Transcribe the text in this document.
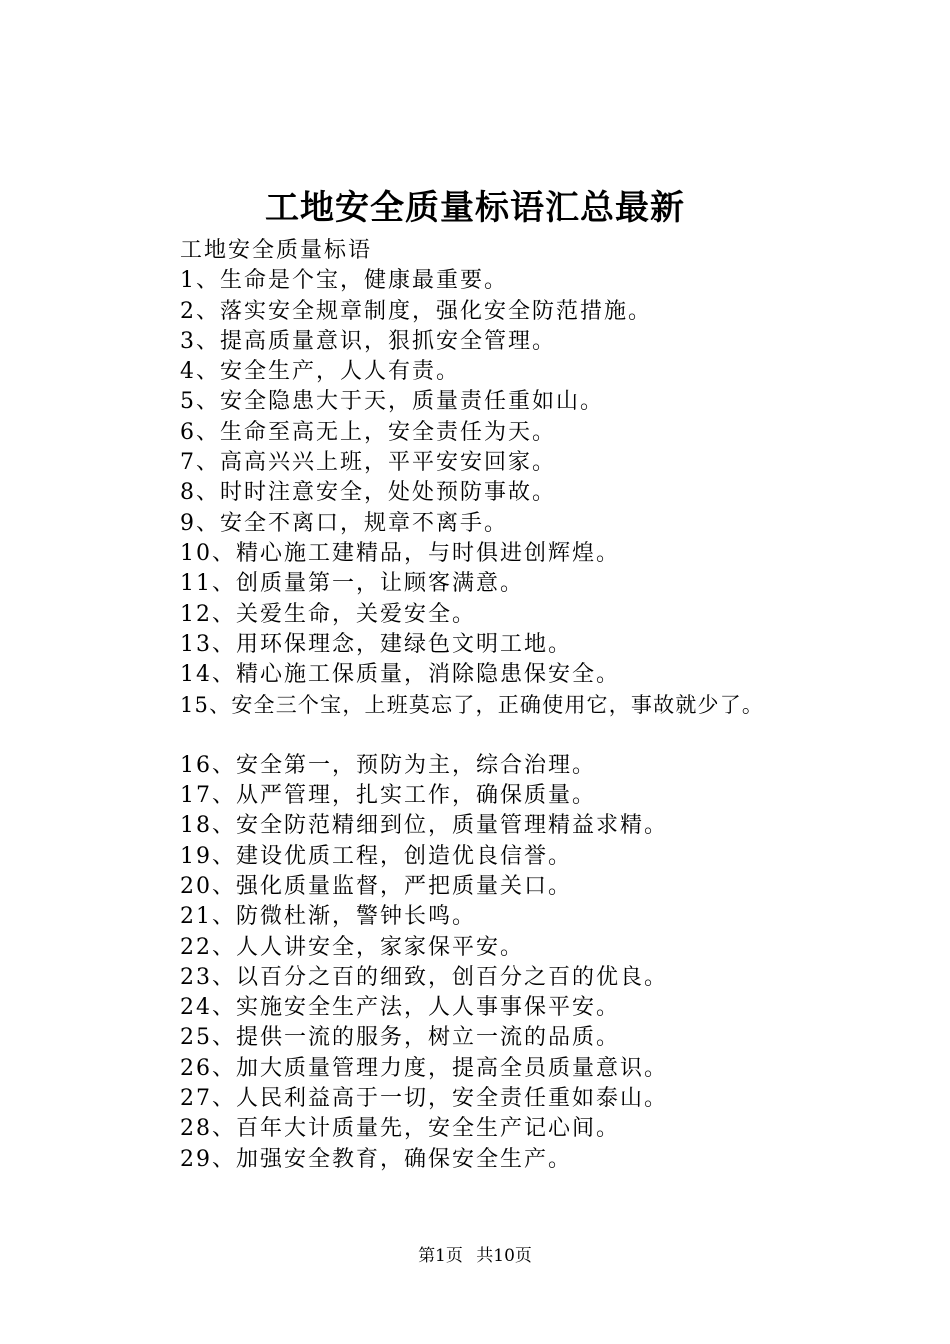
工地安全质量标语汇总最新

工地安全质量标语

1、生命是个宝，健康最重要。
2、落实安全规章制度，强化安全防范措施。
3、提高质量意识，狠抓安全管理。
4、安全生产，人人有责。
5、安全隐患大于天，质量责任重如山。
6、生命至高无上，安全责任为天。
7、高高兴兴上班，平平安安回家。
8、时时注意安全，处处预防事故。
9、安全不离口，规章不离手。
10、精心施工建精品，与时俱进创辉煌。
11、创质量第一，让顾客满意。
12、关爱生命，关爱安全。
13、用环保理念，建绿色文明工地。
14、精心施工保质量，消除隐患保安全。
15、安全三个宝，上班莫忘了，正确使用它，事故就少了。
16、安全第一，预防为主，综合治理。
17、从严管理，扎实工作，确保质量。
18、安全防范精细到位，质量管理精益求精。
19、建设优质工程，创造优良信誉。
20、强化质量监督，严把质量关口。
21、防微杜渐，警钟长鸣。
22、人人讲安全，家家保平安。
23、以百分之百的细致，创百分之百的优良。
24、实施安全生产法，人人事事保平安。
25、提供一流的服务，树立一流的品质。
26、加大质量管理力度，提高全员质量意识。
27、人民利益高于一切，安全责任重如泰山。
28、百年大计质量先，安全生产记心间。
29、加强安全教育，确保安全生产。
第1页 共10页
